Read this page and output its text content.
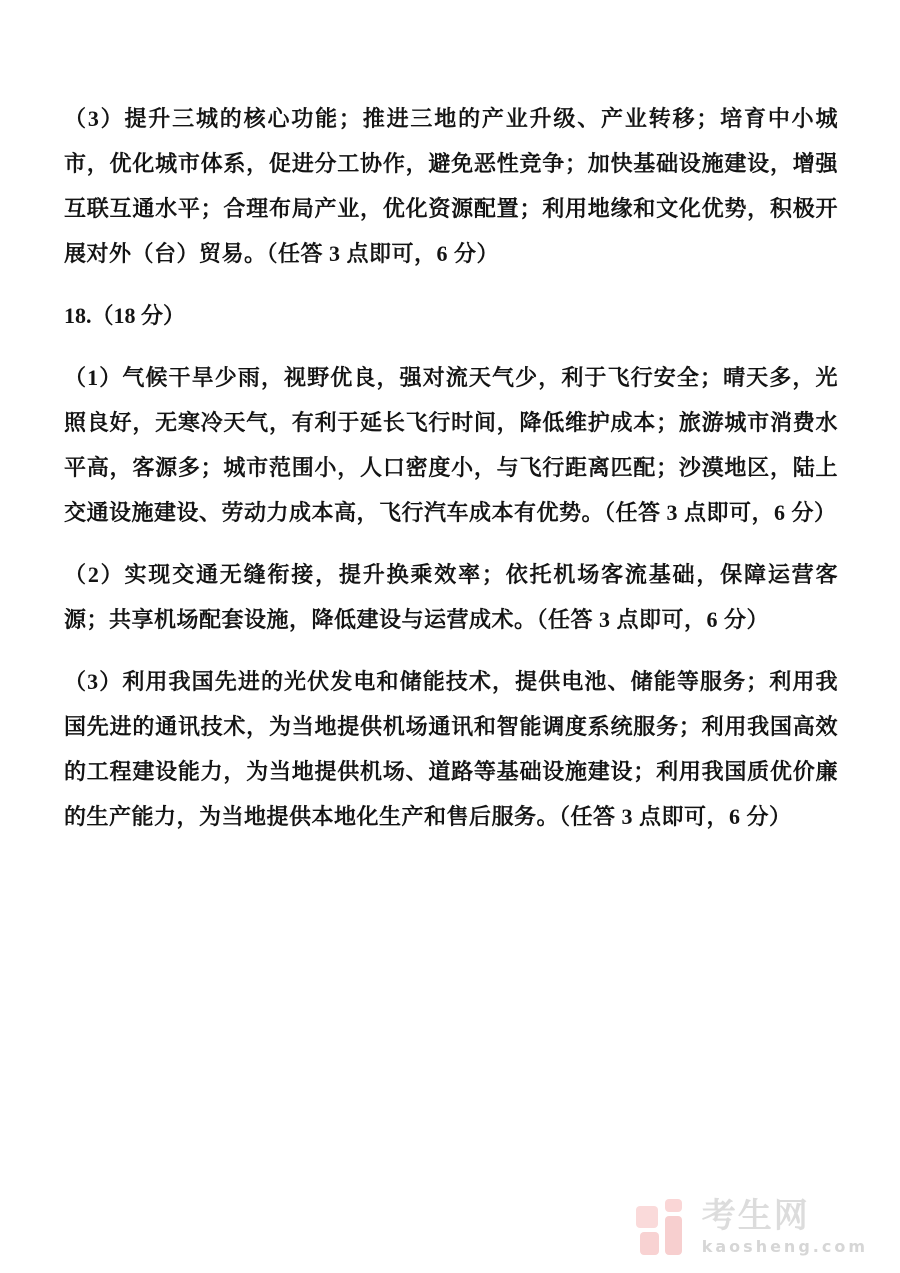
（3）提升三城的核心功能；推进三地的产业升级、产业转移；培育中小城市，优化城市体系，促进分工协作，避免恶性竞争；加快基础设施建设，增强互联互通水平；合理布局产业，优化资源配置；利用地缘和文化优势，积极开展对外（台）贸易。（任答 3 点即可，6 分）

18.（18 分）

（1）气候干旱少雨，视野优良，强对流天气少，利于飞行安全；晴天多，光照良好，无寒冷天气，有利于延长飞行时间，降低维护成本；旅游城市消费水平高，客源多；城市范围小，人口密度小，与飞行距离匹配；沙漠地区，陆上交通设施建设、劳动力成本高，飞行汽车成本有优势。（任答 3 点即可，6 分）

（2）实现交通无缝衔接，提升换乘效率；依托机场客流基础，保障运营客源；共享机场配套设施，降低建设与运营成术。（任答 3 点即可，6 分）

（3）利用我国先进的光伏发电和储能技术，提供电池、储能等服务；利用我国先进的通讯技术，为当地提供机场通讯和智能调度系统服务；利用我国高效的工程建设能力，为当地提供机场、道路等基础设施建设；利用我国质优价廉的生产能力，为当地提供本地化生产和售后服务。（任答 3 点即可，6 分）

考生网
kaosheng.com
